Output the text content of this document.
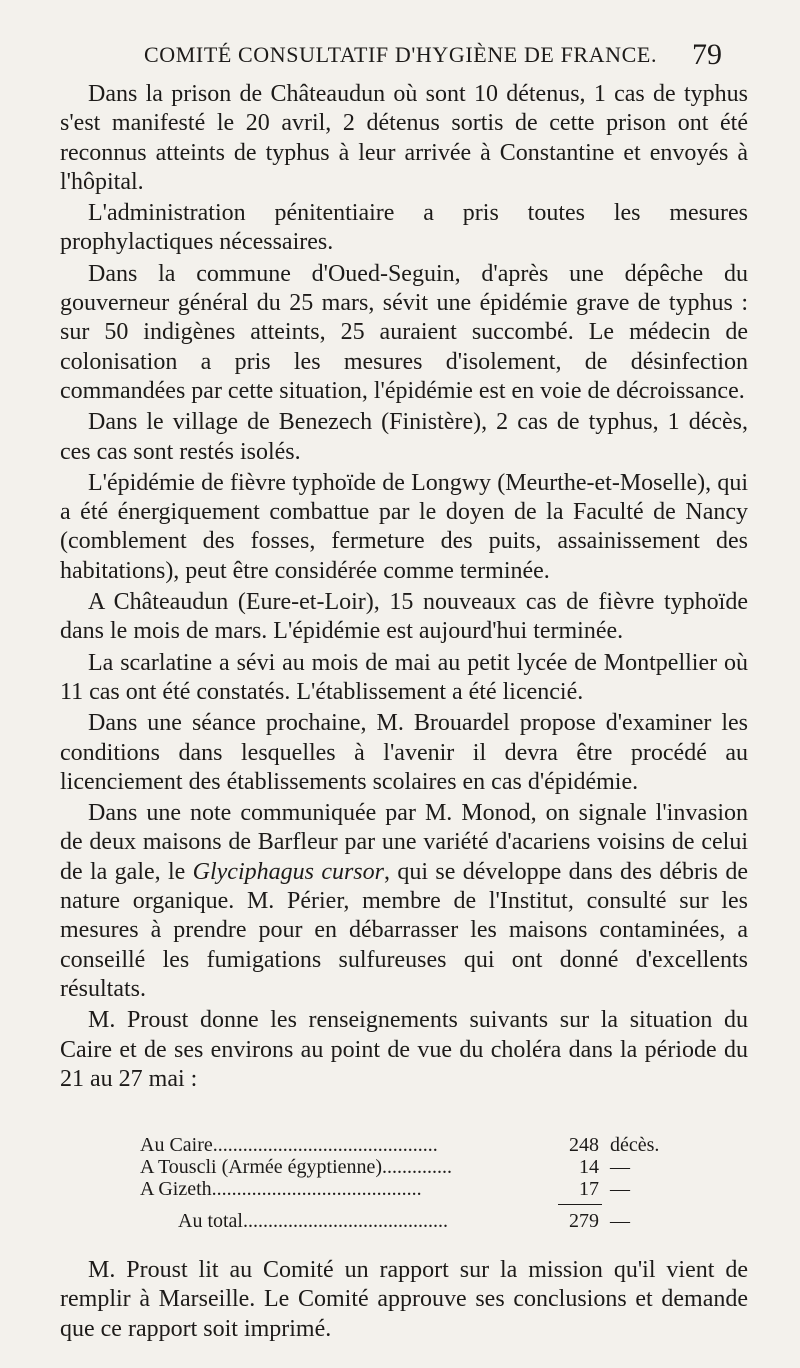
COMITÉ CONSULTATIF D'HYGIÈNE DE FRANCE. 79

Dans la prison de Châteaudun où sont 10 détenus, 1 cas de typhus s'est manifesté le 20 avril, 2 détenus sortis de cette prison ont été reconnus atteints de typhus à leur arrivée à Constantine et envoyés à l'hôpital.

L'administration pénitentiaire a pris toutes les mesures prophylactiques nécessaires.

Dans la commune d'Oued-Seguin, d'après une dépêche du gouverneur général du 25 mars, sévit une épidémie grave de typhus : sur 50 indigènes atteints, 25 auraient succombé. Le médecin de colonisation a pris les mesures d'isolement, de désinfection commandées par cette situation, l'épidémie est en voie de décroissance.

Dans le village de Benezech (Finistère), 2 cas de typhus, 1 décès, ces cas sont restés isolés.

L'épidémie de fièvre typhoïde de Longwy (Meurthe-et-Moselle), qui a été énergiquement combattue par le doyen de la Faculté de Nancy (comblement des fosses, fermeture des puits, assainissement des habitations), peut être considérée comme terminée.

A Châteaudun (Eure-et-Loir), 15 nouveaux cas de fièvre typhoïde dans le mois de mars. L'épidémie est aujourd'hui terminée.

La scarlatine a sévi au mois de mai au petit lycée de Montpellier où 11 cas ont été constatés. L'établissement a été licencié.

Dans une séance prochaine, M. Brouardel propose d'examiner les conditions dans lesquelles à l'avenir il devra être procédé au licenciement des établissements scolaires en cas d'épidémie.

Dans une note communiquée par M. Monod, on signale l'invasion de deux maisons de Barfleur par une variété d'acariens voisins de celui de la gale, le Glyciphagus cursor, qui se développe dans des débris de nature organique. M. Périer, membre de l'Institut, consulté sur les mesures à prendre pour en débarrasser les maisons contaminées, a conseillé les fumigations sulfureuses qui ont donné d'excellents résultats.

M. Proust donne les renseignements suivants sur la situation du Caire et de ses environs au point de vue du choléra dans la période du 21 au 27 mai :

Au Caire.............................................	248 décès.
A Touscli (Armée égyptienne)..............	14 —
A Gizeth..........................................	17 —
Au total.........................................	279 —

M. Proust lit au Comité un rapport sur la mission qu'il vient de remplir à Marseille. Le Comité approuve ses conclusions et demande que ce rapport soit imprimé.
